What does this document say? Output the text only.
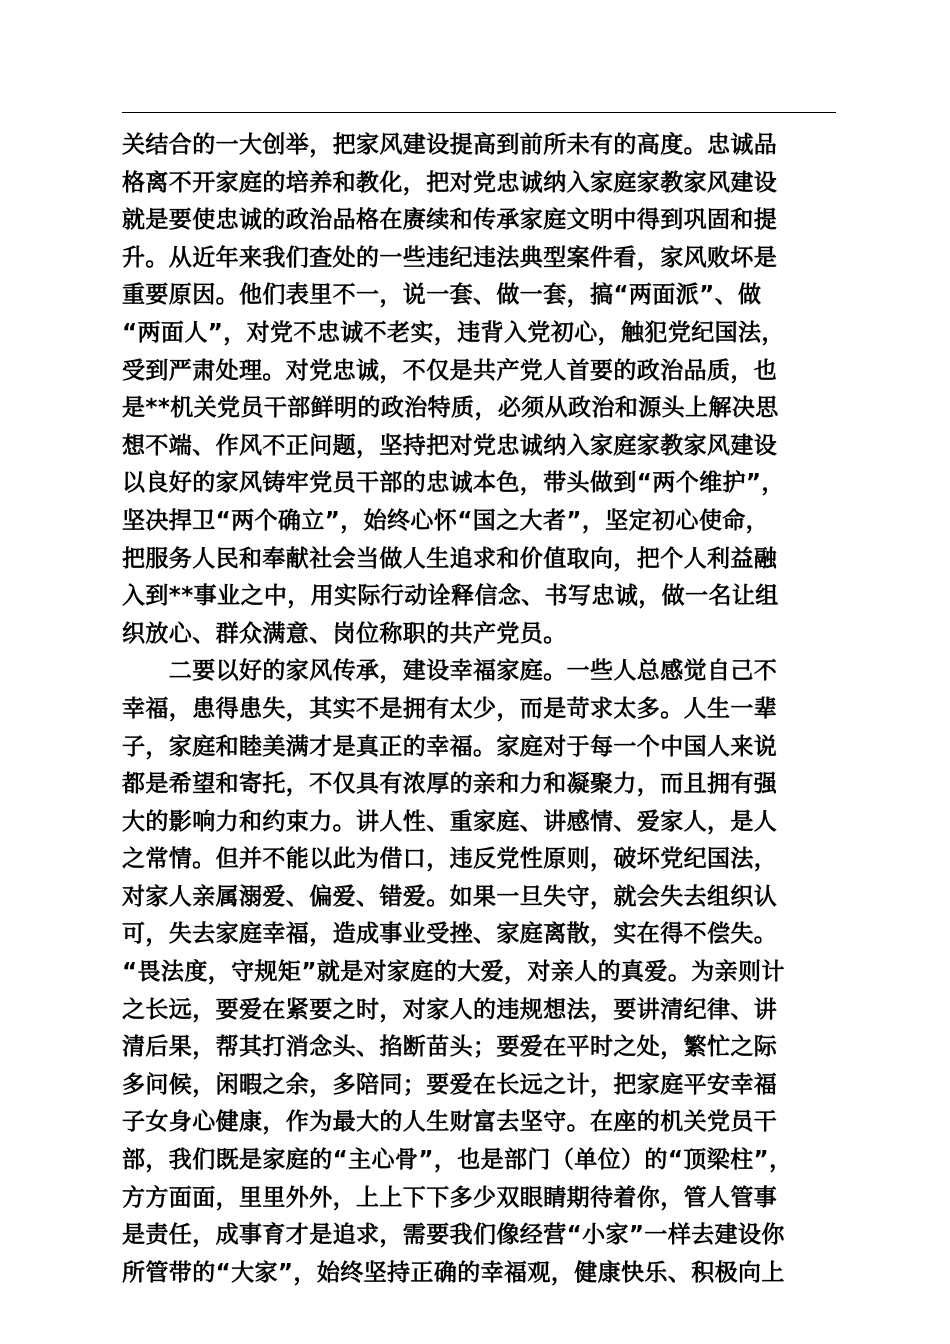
关结合的一大创举，把家风建设提高到前所未有的高度。忠诚品
格离不开家庭的培养和教化，把对党忠诚纳入家庭家教家风建设
就是要使忠诚的政治品格在赓续和传承家庭文明中得到巩固和提
升。从近年来我们查处的一些违纪违法典型案件看，家风败坏是
重要原因。他们表里不一，说一套、做一套，搞“两面派”、做
“两面人”，对党不忠诚不老实，违背入党初心，触犯党纪国法，
受到严肃处理。对党忠诚，不仅是共产党人首要的政治品质，也
是**机关党员干部鲜明的政治特质，必须从政治和源头上解决思
想不端、作风不正问题，坚持把对党忠诚纳入家庭家教家风建设
以良好的家风铸牢党员干部的忠诚本色，带头做到“两个维护”，
坚决捍卫“两个确立”，始终心怀“国之大者”，坚定初心使命，
把服务人民和奉献社会当做人生追求和价值取向，把个人利益融
入到**事业之中，用实际行动诠释信念、书写忠诚，做一名让组
织放心、群众满意、岗位称职的共产党员。
　　二要以好的家风传承，建设幸福家庭。一些人总感觉自己不
幸福，患得患失，其实不是拥有太少，而是苛求太多。人生一辈
子，家庭和睦美满才是真正的幸福。家庭对于每一个中国人来说
都是希望和寄托，不仅具有浓厚的亲和力和凝聚力，而且拥有强
大的影响力和约束力。讲人性、重家庭、讲感情、爱家人，是人
之常情。但并不能以此为借口，违反党性原则，破坏党纪国法，
对家人亲属溺爱、偏爱、错爱。如果一旦失守，就会失去组织认
可，失去家庭幸福，造成事业受挫、家庭离散，实在得不偿失。
“畏法度，守规矩”就是对家庭的大爱，对亲人的真爱。为亲则计
之长远，要爱在紧要之时，对家人的违规想法，要讲清纪律、讲
清后果，帮其打消念头、掐断苗头；要爱在平时之处，繁忙之际
多问候，闲暇之余，多陪同；要爱在长远之计，把家庭平安幸福
子女身心健康，作为最大的人生财富去坚守。在座的机关党员干
部，我们既是家庭的“主心骨”，也是部门（单位）的“顶梁柱”，
方方面面，里里外外，上上下下多少双眼睛期待着你，管人管事
是责任，成事育才是追求，需要我们像经营“小家”一样去建设你
所管带的“大家”，始终坚持正确的幸福观，健康快乐、积极向上
